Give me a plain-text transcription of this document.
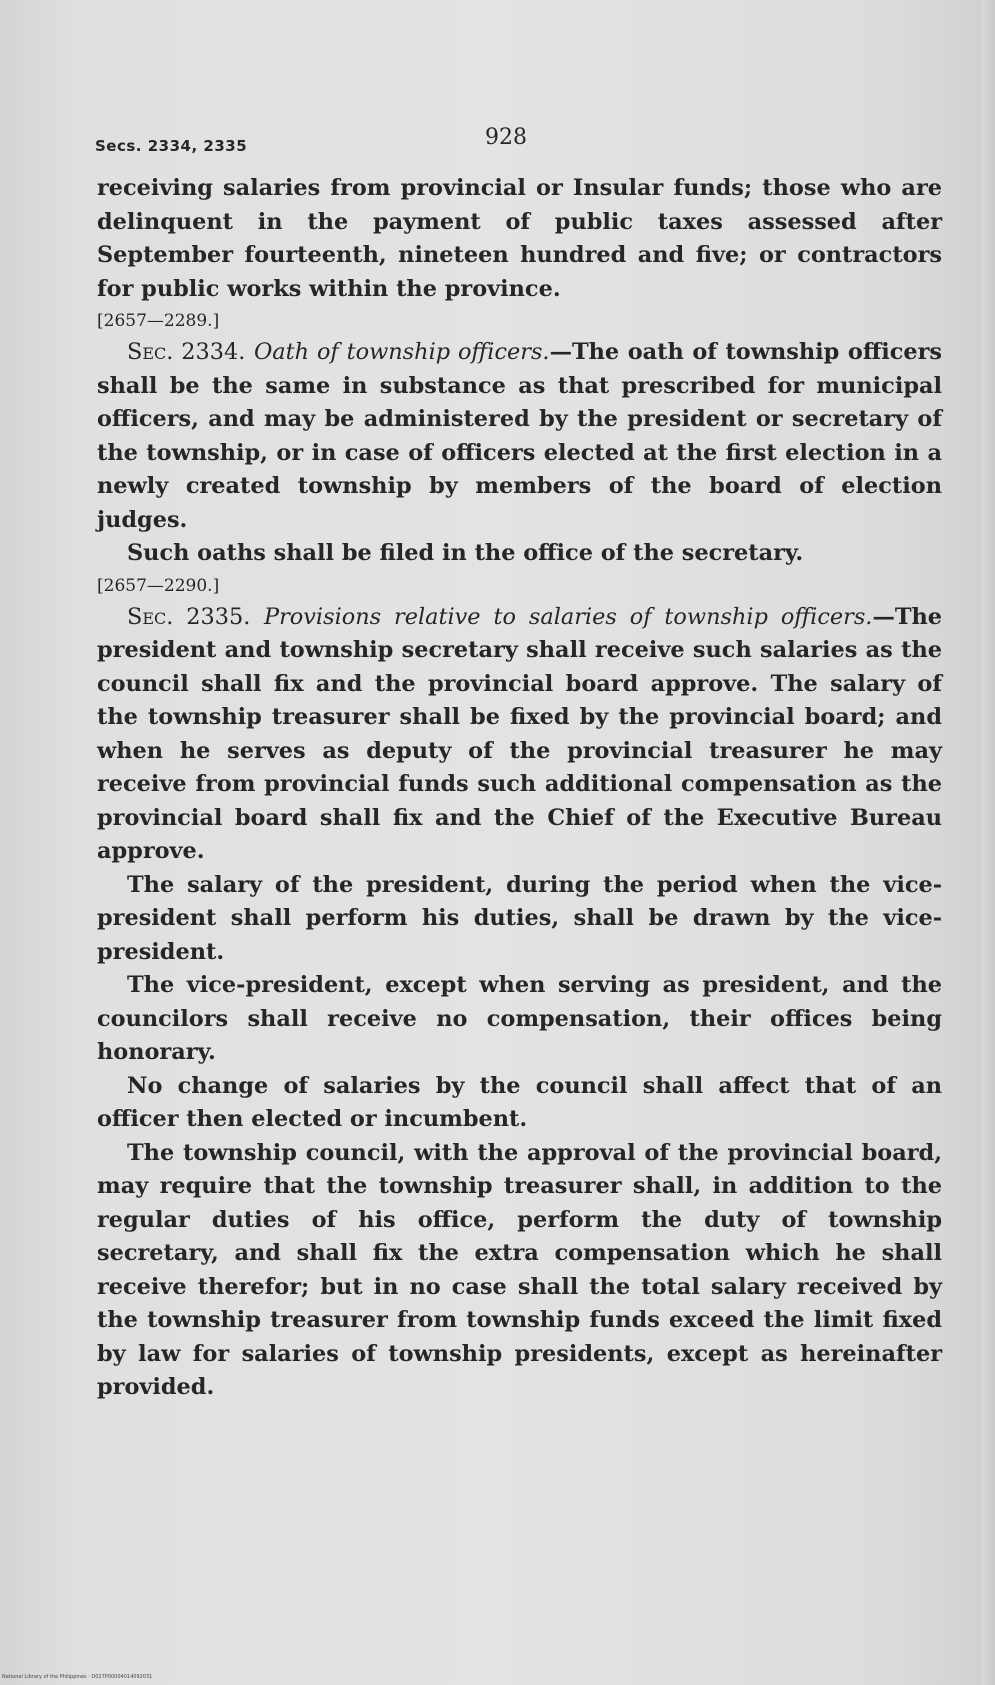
Secs. 2334, 2335	928

receiving salaries from provincial or Insular funds; those who are delinquent in the payment of public taxes assessed after September fourteenth, nineteen hundred and five; or contractors for public works within the province.

[2657—2289.]

Sec. 2334. Oath of township officers.—The oath of township officers shall be the same in substance as that prescribed for municipal officers, and may be administered by the president or secretary of the township, or in case of officers elected at the first election in a newly created township by members of the board of election judges.

Such oaths shall be filed in the office of the secretary.

[2657—2290.]

Sec. 2335. Provisions relative to salaries of township officers.—The president and township secretary shall receive such salaries as the council shall fix and the provincial board approve. The salary of the township treasurer shall be fixed by the provincial board; and when he serves as deputy of the provincial treasurer he may receive from provincial funds such additional compensation as the provincial board shall fix and the Chief of the Executive Bureau approve.

The salary of the president, during the period when the vice-president shall perform his duties, shall be drawn by the vice-president.

The vice-president, except when serving as president, and the councilors shall receive no compensation, their offices being honorary.

No change of salaries by the council shall affect that of an officer then elected or incumbent.

The township council, with the approval of the provincial board, may require that the township treasurer shall, in addition to the regular duties of his office, perform the duty of township secretary, and shall fix the extra compensation which he shall receive therefor; but in no case shall the total salary received by the township treasurer from township funds exceed the limit fixed by law for salaries of township presidents, except as hereinafter provided.

National Library of the Philippines · D027P00004014092031
